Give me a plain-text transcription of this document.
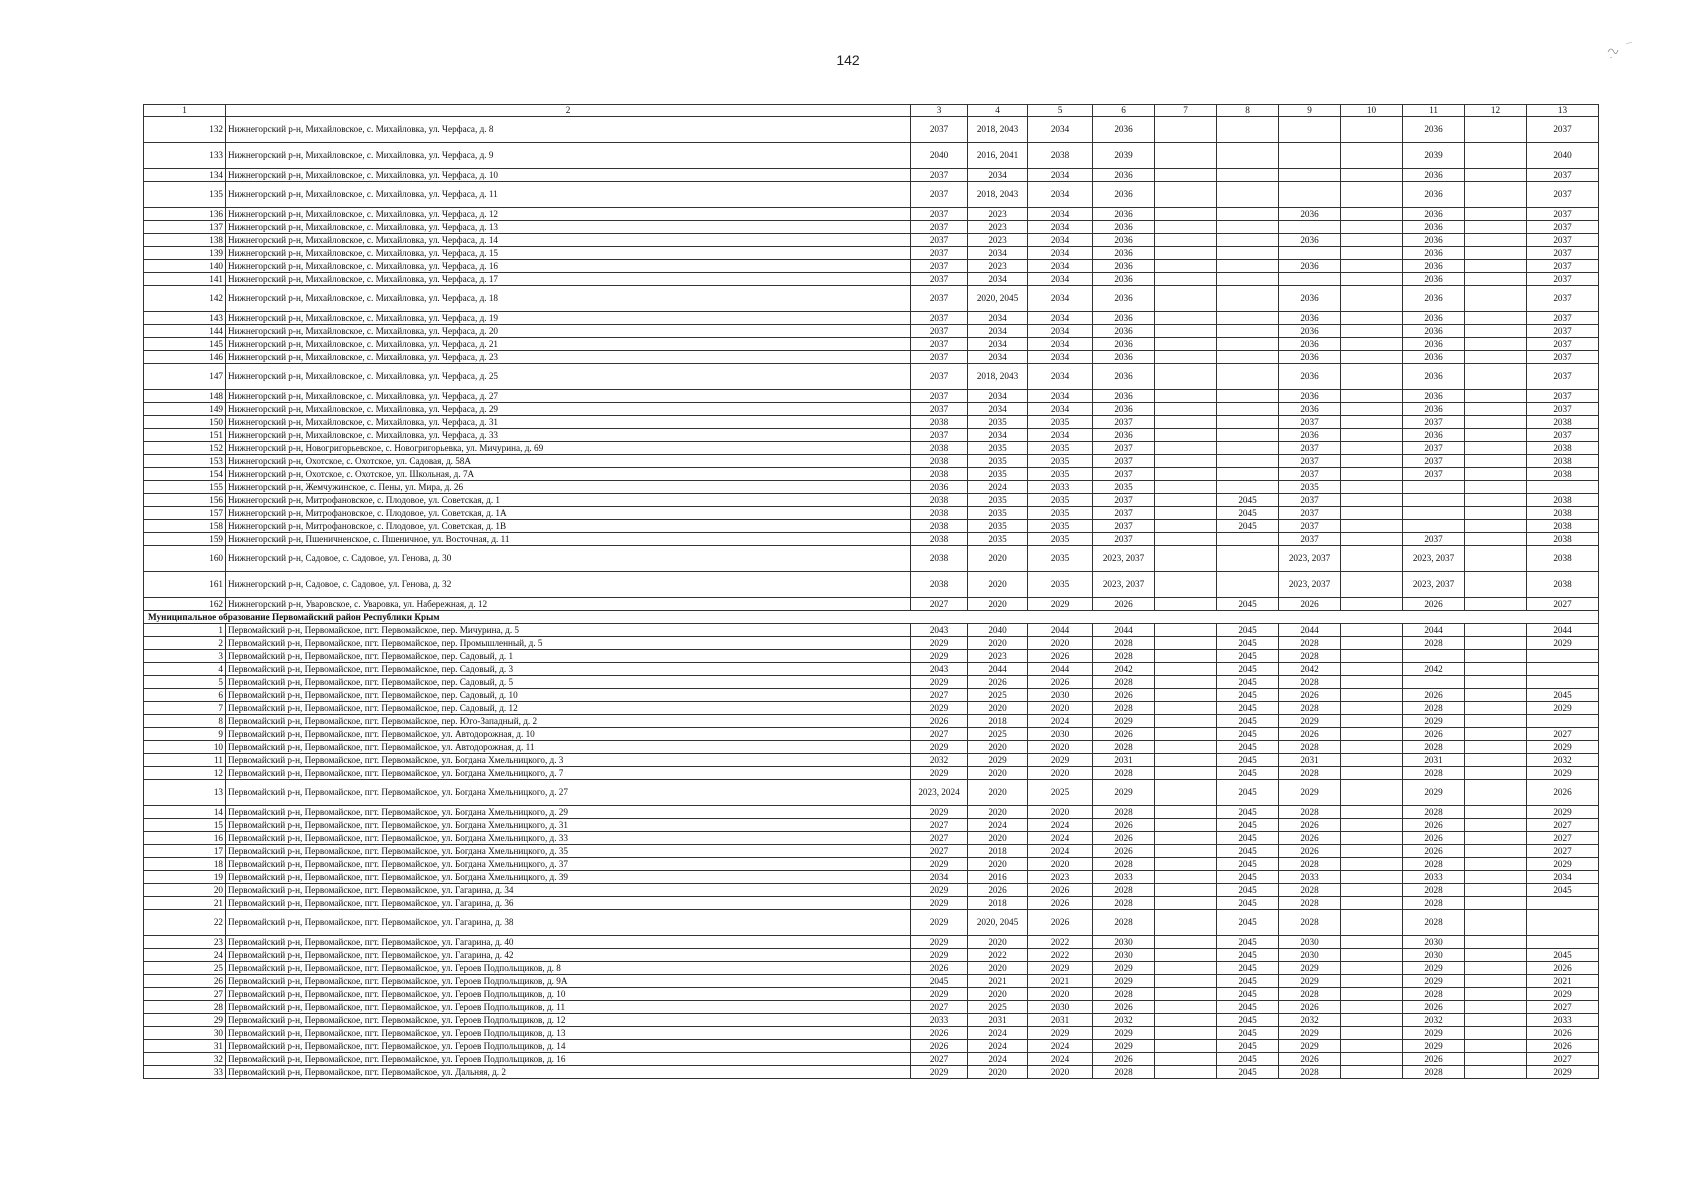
142
1	2	3	4	5	6	7	8	9	10	11	12	13
132	Нижнегорский р-н, Михайловское, с. Михайловка, ул. Черфаса, д. 8	2037	2018, 2043	2034	2036					2036		2037
133	Нижнегорский р-н, Михайловское, с. Михайловка, ул. Черфаса, д. 9	2040	2016, 2041	2038	2039					2039		2040
134	Нижнегорский р-н, Михайловское, с. Михайловка, ул. Черфаса, д. 10	2037	2034	2034	2036					2036		2037
135	Нижнегорский р-н, Михайловское, с. Михайловка, ул. Черфаса, д. 11	2037	2018, 2043	2034	2036					2036		2037
136	Нижнегорский р-н, Михайловское, с. Михайловка, ул. Черфаса, д. 12	2037	2023	2034	2036			2036		2036		2037
137	Нижнегорский р-н, Михайловское, с. Михайловка, ул. Черфаса, д. 13	2037	2023	2034	2036					2036		2037
138	Нижнегорский р-н, Михайловское, с. Михайловка, ул. Черфаса, д. 14	2037	2023	2034	2036			2036		2036		2037
139	Нижнегорский р-н, Михайловское, с. Михайловка, ул. Черфаса, д. 15	2037	2034	2034	2036					2036		2037
140	Нижнегорский р-н, Михайловское, с. Михайловка, ул. Черфаса, д. 16	2037	2023	2034	2036			2036		2036		2037
141	Нижнегорский р-н, Михайловское, с. Михайловка, ул. Черфаса, д. 17	2037	2034	2034	2036					2036		2037
142	Нижнегорский р-н, Михайловское, с. Михайловка, ул. Черфаса, д. 18	2037	2020, 2045	2034	2036			2036		2036		2037
143	Нижнегорский р-н, Михайловское, с. Михайловка, ул. Черфаса, д. 19	2037	2034	2034	2036			2036		2036		2037
144	Нижнегорский р-н, Михайловское, с. Михайловка, ул. Черфаса, д. 20	2037	2034	2034	2036			2036		2036		2037
145	Нижнегорский р-н, Михайловское, с. Михайловка, ул. Черфаса, д. 21	2037	2034	2034	2036			2036		2036		2037
146	Нижнегорский р-н, Михайловское, с. Михайловка, ул. Черфаса, д. 23	2037	2034	2034	2036			2036		2036		2037
147	Нижнегорский р-н, Михайловское, с. Михайловка, ул. Черфаса, д. 25	2037	2018, 2043	2034	2036			2036		2036		2037
148	Нижнегорский р-н, Михайловское, с. Михайловка, ул. Черфаса, д. 27	2037	2034	2034	2036			2036		2036		2037
149	Нижнегорский р-н, Михайловское, с. Михайловка, ул. Черфаса, д. 29	2037	2034	2034	2036			2036		2036		2037
150	Нижнегорский р-н, Михайловское, с. Михайловка, ул. Черфаса, д. 31	2038	2035	2035	2037			2037		2037		2038
151	Нижнегорский р-н, Михайловское, с. Михайловка, ул. Черфаса, д. 33	2037	2034	2034	2036			2036		2036		2037
152	Нижнегорский р-н, Новогригорьевское, с. Новогригорьевка, ул. Мичурина, д. 69	2038	2035	2035	2037			2037		2037		2038
153	Нижнегорский р-н, Охотское, с. Охотское, ул. Садовая, д. 58А	2038	2035	2035	2037			2037		2037		2038
154	Нижнегорский р-н, Охотское, с. Охотское, ул. Школьная, д. 7А	2038	2035	2035	2037			2037		2037		2038
155	Нижнегорский р-н, Жемчужинское, с. Пены, ул. Мира, д. 26	2036	2024	2033	2035			2035				
156	Нижнегорский р-н, Митрофановское, с. Плодовое, ул. Советская, д. 1	2038	2035	2035	2037		2045	2037				2038
157	Нижнегорский р-н, Митрофановское, с. Плодовое, ул. Советская, д. 1А	2038	2035	2035	2037		2045	2037				2038
158	Нижнегорский р-н, Митрофановское, с. Плодовое, ул. Советская, д. 1В	2038	2035	2035	2037		2045	2037				2038
159	Нижнегорский р-н, Пшеничненское, с. Пшеничное, ул. Восточная, д. 11	2038	2035	2035	2037			2037		2037		2038
160	Нижнегорский р-н, Садовое, с. Садовое, ул. Генова, д. 30	2038	2020	2035	2023, 2037			2023, 2037		2023, 2037		2038
161	Нижнегорский р-н, Садовое, с. Садовое, ул. Генова, д. 32	2038	2020	2035	2023, 2037			2023, 2037		2023, 2037		2038
162	Нижнегорский р-н, Уваровское, с. Уваровка, ул. Набережная, д. 12	2027	2020	2029	2026		2045	2026		2026		2027
Муниципальное образование Первомайский район Республики Крым												
1	Первомайский р-н, Первомайское, пгт. Первомайское, пер. Мичурина, д. 5	2043	2040	2044	2044		2045	2044		2044		2044
2	Первомайский р-н, Первомайское, пгт. Первомайское, пер. Промышленный, д. 5	2029	2020	2020	2028		2045	2028		2028		2029
3	Первомайский р-н, Первомайское, пгт. Первомайское, пер. Садовый, д. 1	2029	2023	2026	2028		2045	2028				
4	Первомайский р-н, Первомайское, пгт. Первомайское, пер. Садовый, д. 3	2043	2044	2044	2042		2045	2042		2042		
5	Первомайский р-н, Первомайское, пгт. Первомайское, пер. Садовый, д. 5	2029	2026	2026	2028		2045	2028				
6	Первомайский р-н, Первомайское, пгт. Первомайское, пер. Садовый, д. 10	2027	2025	2030	2026		2045	2026		2026		2045
7	Первомайский р-н, Первомайское, пгт. Первомайское, пер. Садовый, д. 12	2029	2020	2020	2028		2045	2028		2028		2029
8	Первомайский р-н, Первомайское, пгт. Первомайское, пер. Юго-Западный, д. 2	2026	2018	2024	2029		2045	2029		2029		
9	Первомайский р-н, Первомайское, пгт. Первомайское, ул. Автодорожная, д. 10	2027	2025	2030	2026		2045	2026		2026		2027
10	Первомайский р-н, Первомайское, пгт. Первомайское, ул. Автодорожная, д. 11	2029	2020	2020	2028		2045	2028		2028		2029
11	Первомайский р-н, Первомайское, пгт. Первомайское, ул. Богдана Хмельницкого, д. 3	2032	2029	2029	2031		2045	2031		2031		2032
12	Первомайский р-н, Первомайское, пгт. Первомайское, ул. Богдана Хмельницкого, д. 7	2029	2020	2020	2028		2045	2028		2028		2029
13	Первомайский р-н, Первомайское, пгт. Первомайское, ул. Богдана Хмельницкого, д. 27	2023, 2024	2020	2025	2029		2045	2029		2029		2026
14	Первомайский р-н, Первомайское, пгт. Первомайское, ул. Богдана Хмельницкого, д. 29	2029	2020	2020	2028		2045	2028		2028		2029
15	Первомайский р-н, Первомайское, пгт. Первомайское, ул. Богдана Хмельницкого, д. 31	2027	2024	2024	2026		2045	2026		2026		2027
16	Первомайский р-н, Первомайское, пгт. Первомайское, ул. Богдана Хмельницкого, д. 33	2027	2020	2024	2026		2045	2026		2026		2027
17	Первомайский р-н, Первомайское, пгт. Первомайское, ул. Богдана Хмельницкого, д. 35	2027	2018	2024	2026		2045	2026		2026		2027
18	Первомайский р-н, Первомайское, пгт. Первомайское, ул. Богдана Хмельницкого, д. 37	2029	2020	2020	2028		2045	2028		2028		2029
19	Первомайский р-н, Первомайское, пгт. Первомайское, ул. Богдана Хмельницкого, д. 39	2034	2016	2023	2033		2045	2033		2033		2034
20	Первомайский р-н, Первомайское, пгт. Первомайское, ул. Гагарина, д. 34	2029	2026	2026	2028		2045	2028		2028		2045
21	Первомайский р-н, Первомайское, пгт. Первомайское, ул. Гагарина, д. 36	2029	2018	2026	2028		2045	2028		2028		
22	Первомайский р-н, Первомайское, пгт. Первомайское, ул. Гагарина, д. 38	2029	2020, 2045	2026	2028		2045	2028		2028		
23	Первомайский р-н, Первомайское, пгт. Первомайское, ул. Гагарина, д. 40	2029	2020	2022	2030		2045	2030		2030		
24	Первомайский р-н, Первомайское, пгт. Первомайское, ул. Гагарина, д. 42	2029	2022	2022	2030		2045	2030		2030		2045
25	Первомайский р-н, Первомайское, пгт. Первомайское, ул. Героев Подпольщиков, д. 8	2026	2020	2029	2029		2045	2029		2029		2026
26	Первомайский р-н, Первомайское, пгт. Первомайское, ул. Героев Подпольщиков, д. 9А	2045	2021	2021	2029		2045	2029		2029		2021
27	Первомайский р-н, Первомайское, пгт. Первомайское, ул. Героев Подпольщиков, д. 10	2029	2020	2020	2028		2045	2028		2028		2029
28	Первомайский р-н, Первомайское, пгт. Первомайское, ул. Героев Подпольщиков, д. 11	2027	2025	2030	2026		2045	2026		2026		2027
29	Первомайский р-н, Первомайское, пгт. Первомайское, ул. Героев Подпольщиков, д. 12	2033	2031	2031	2032		2045	2032		2032		2033
30	Первомайский р-н, Первомайское, пгт. Первомайское, ул. Героев Подпольщиков, д. 13	2026	2024	2029	2029		2045	2029		2029		2026
31	Первомайский р-н, Первомайское, пгт. Первомайское, ул. Героев Подпольщиков, д. 14	2026	2024	2024	2029		2045	2029		2029		2026
32	Первомайский р-н, Первомайское, пгт. Первомайское, ул. Героев Подпольщиков, д. 16	2027	2024	2024	2026		2045	2026		2026		2027
33	Первомайский р-н, Первомайское, пгт. Первомайское, ул. Дальняя, д. 2	2029	2020	2020	2028		2045	2028		2028		2029
